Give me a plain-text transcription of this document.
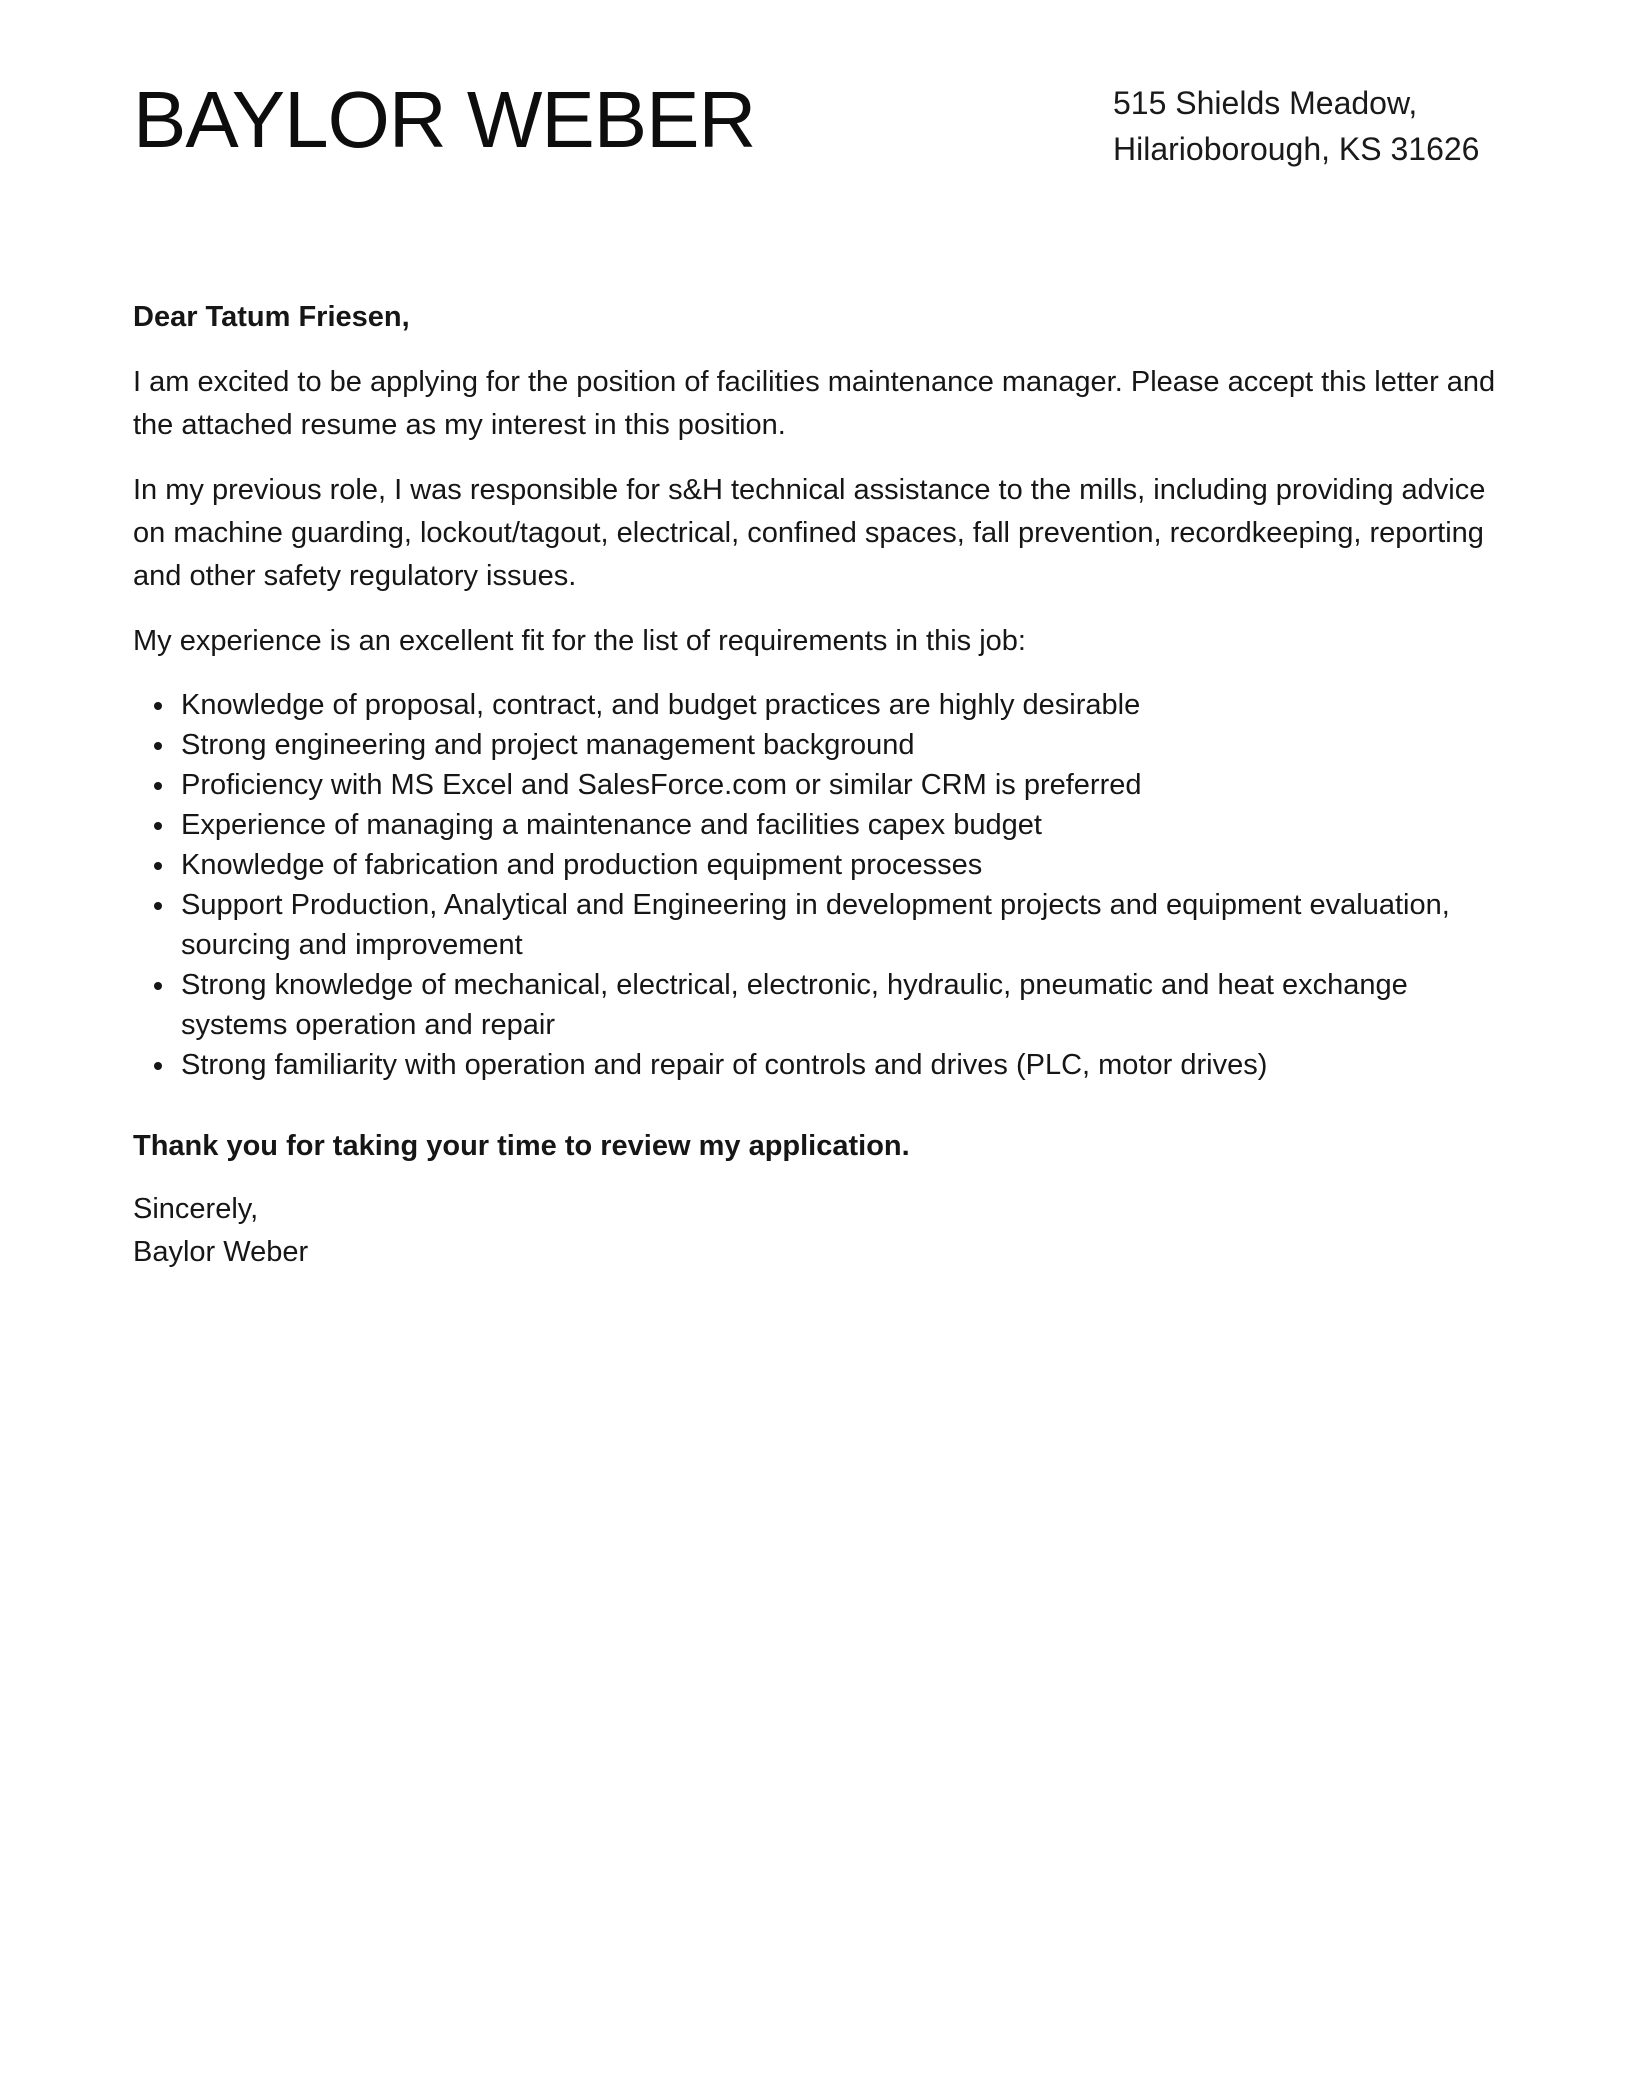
BAYLOR WEBER	515 Shields Meadow,
Hilarioborough, KS 31626

Dear Tatum Friesen,

I am excited to be applying for the position of facilities maintenance manager. Please accept this letter and the attached resume as my interest in this position.

In my previous role, I was responsible for s&H technical assistance to the mills, including providing advice on machine guarding, lockout/tagout, electrical, confined spaces, fall prevention, recordkeeping, reporting and other safety regulatory issues.

My experience is an excellent fit for the list of requirements in this job:

Knowledge of proposal, contract, and budget practices are highly desirable
Strong engineering and project management background
Proficiency with MS Excel and SalesForce.com or similar CRM is preferred
Experience of managing a maintenance and facilities capex budget
Knowledge of fabrication and production equipment processes
Support Production, Analytical and Engineering in development projects and equipment evaluation, sourcing and improvement
Strong knowledge of mechanical, electrical, electronic, hydraulic, pneumatic and heat exchange systems operation and repair
Strong familiarity with operation and repair of controls and drives (PLC, motor drives)

Thank you for taking your time to review my application.

Sincerely,
Baylor Weber
